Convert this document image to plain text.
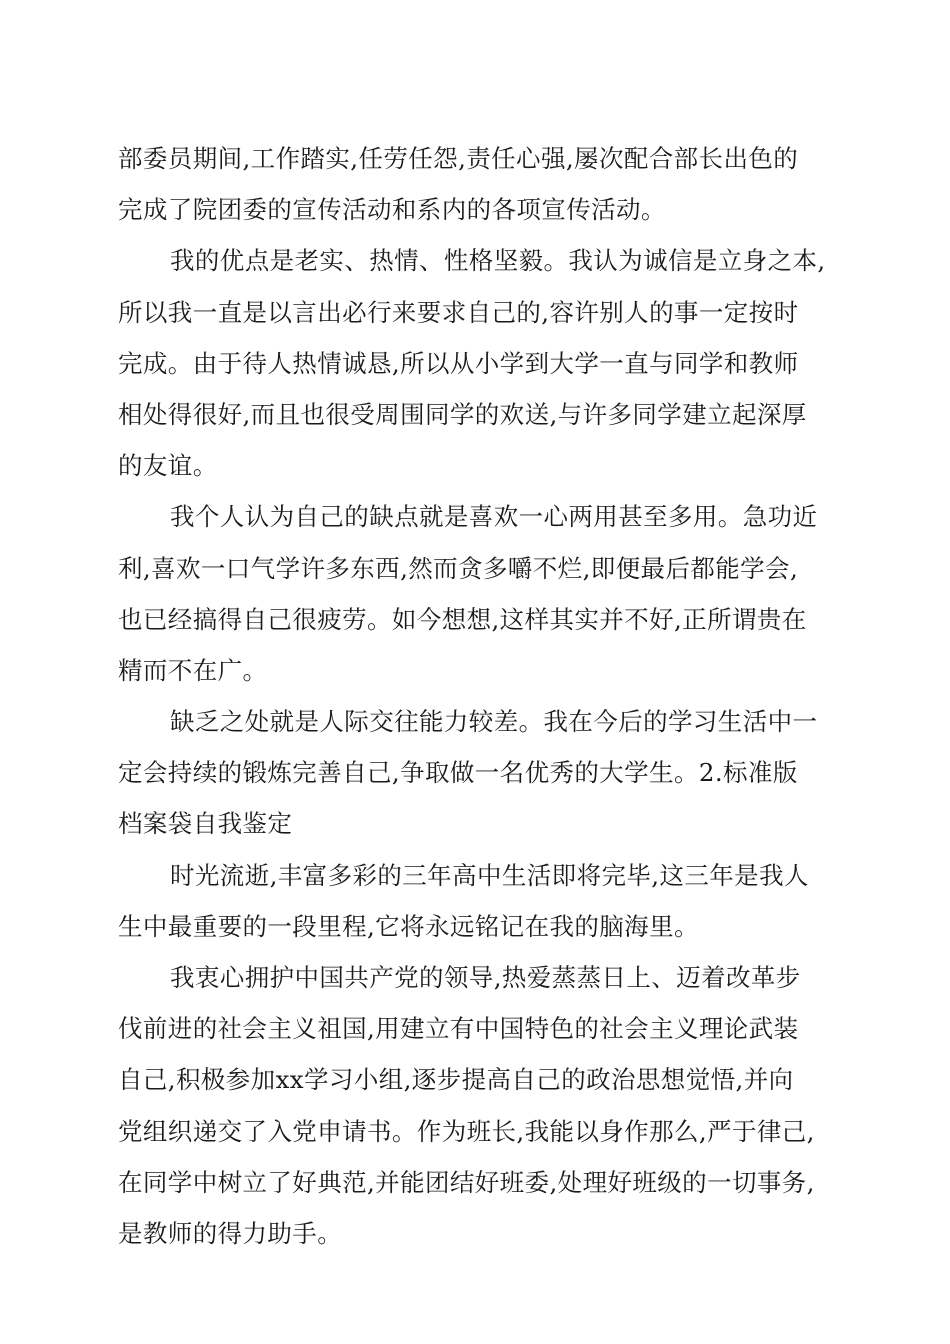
部委员期间,工作踏实,任劳任怨,责任心强,屡次配合部长出色的
完成了院团委的宣传活动和系内的各项宣传活动。
我的优点是老实、热情、性格坚毅。我认为诚信是立身之本,
所以我一直是以言出必行来要求自己的,容许别人的事一定按时
完成。由于待人热情诚恳,所以从小学到大学一直与同学和教师
相处得很好,而且也很受周围同学的欢送,与许多同学建立起深厚
的友谊。
我个人认为自己的缺点就是喜欢一心两用甚至多用。急功近
利,喜欢一口气学许多东西,然而贪多嚼不烂,即便最后都能学会,
也已经搞得自己很疲劳。如今想想,这样其实并不好,正所谓贵在
精而不在广。
缺乏之处就是人际交往能力较差。我在今后的学习生活中一
定会持续的锻炼完善自己,争取做一名优秀的大学生。2.标准版
档案袋自我鉴定
时光流逝,丰富多彩的三年高中生活即将完毕,这三年是我人
生中最重要的一段里程,它将永远铭记在我的脑海里。
我衷心拥护中国共产党的领导,热爱蒸蒸日上、迈着改革步
伐前进的社会主义祖国,用建立有中国特色的社会主义理论武装
自己,积极参加xx学习小组,逐步提高自己的政治思想觉悟,并向
党组织递交了入党申请书。作为班长,我能以身作那么,严于律己,
在同学中树立了好典范,并能团结好班委,处理好班级的一切事务,
是教师的得力助手。
